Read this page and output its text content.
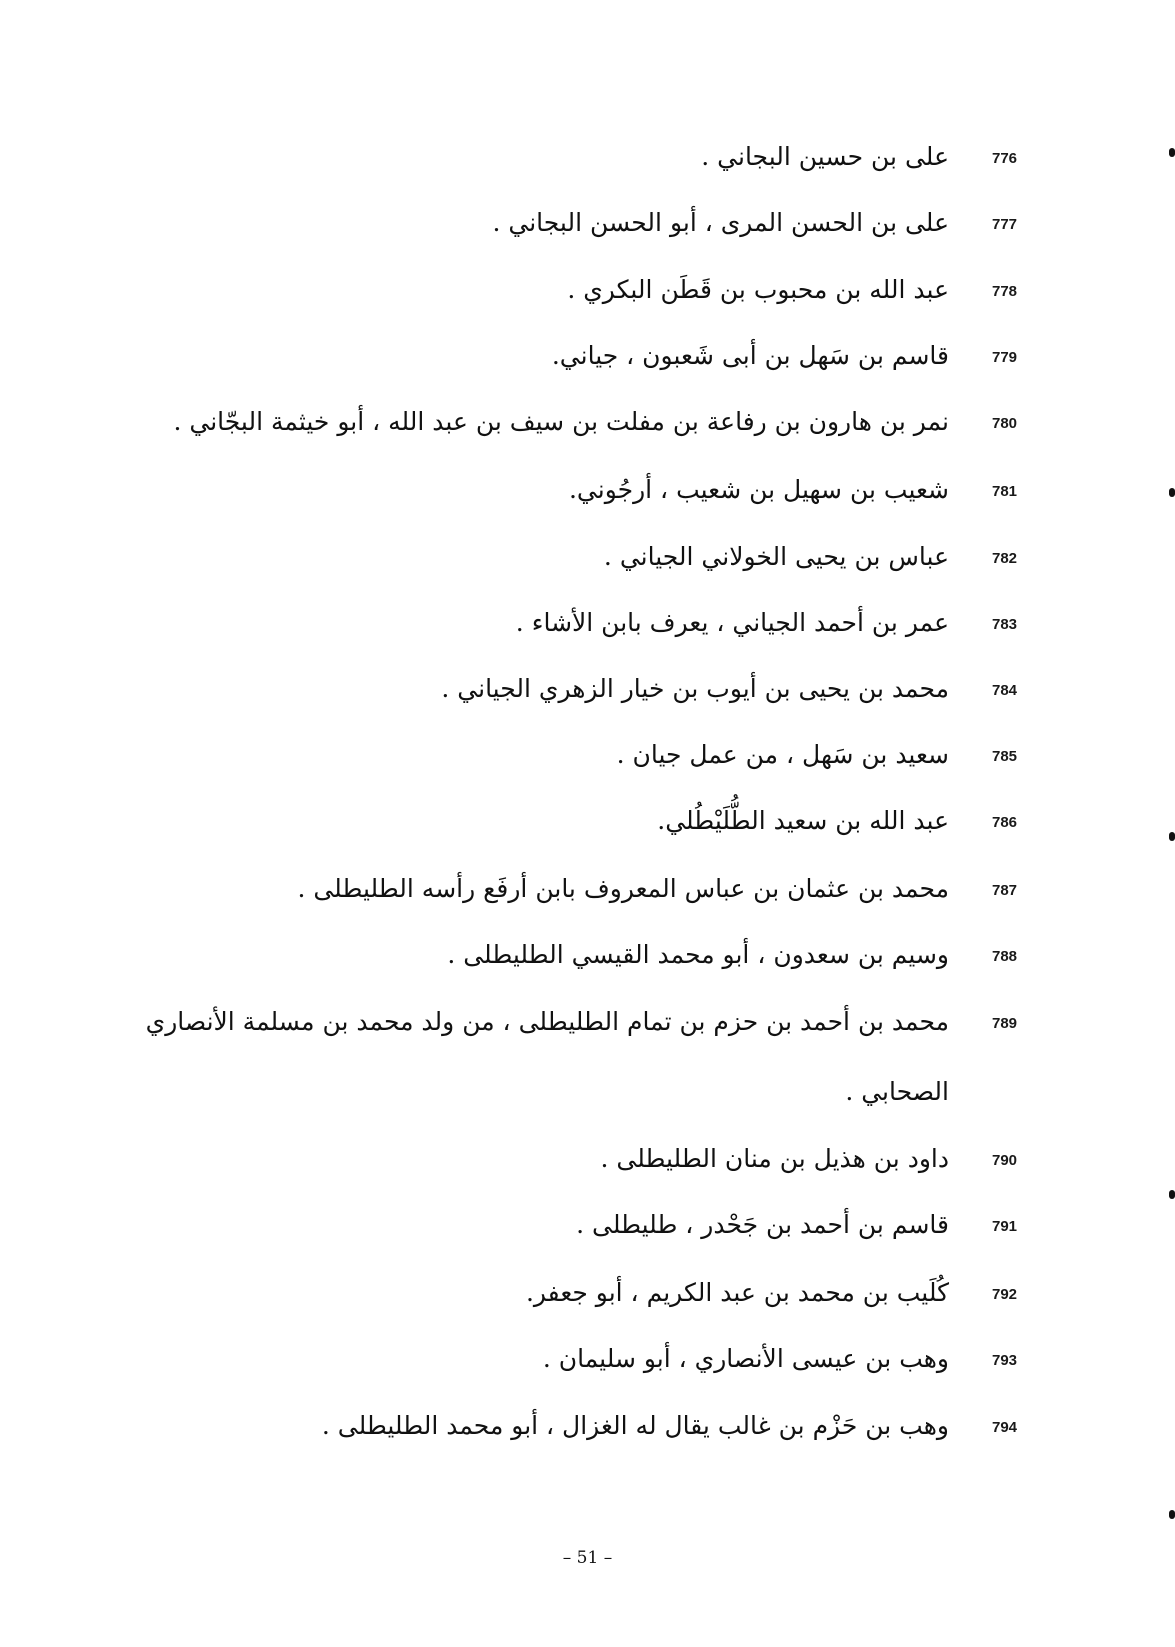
776
على بن حسين البجاني .
777
على بن الحسن المرى ، أبو الحسن البجاني .
778
عبد الله بن محبوب بن قَطَن البكري .
779
قاسم بن سَهل بن أبى شَعبون ، جياني.
780
نمر بن هارون بن رفاعة بن مفلت بن سيف بن عبد الله ، أبو خيثمة البجّاني .
781
شعيب بن سهيل بن شعيب ، أرجُوني.
782
عباس بن يحيى الخولاني الجياني .
783
عمر بن أحمد الجياني ، يعرف بابن الأشاء .
784
محمد بن يحيى بن أيوب بن خيار الزهري الجياني .
785
سعيد بن سَهل ، من عمل جيان .
786
عبد الله بن سعيد الطُّلَيْطُلي.
787
محمد بن عثمان بن عباس المعروف بابن أرفَع رأسه الطليطلى .
788
وسيم بن سعدون ، أبو محمد القيسي الطليطلى .
789
محمد بن أحمد بن حزم بن تمام الطليطلى ، من ولد محمد بن مسلمة الأنصاري
الصحابي .
790
داود بن هذيل بن منان الطليطلى .
791
قاسم بن أحمد بن جَحْدر ، طليطلى .
792
كُلَيب بن محمد بن عبد الكريم ، أبو جعفر.
793
وهب بن عيسى الأنصاري ، أبو سليمان .
794
وهب بن حَزْم بن غالب يقال له الغزال ، أبو محمد الطليطلى .
– 51 –
